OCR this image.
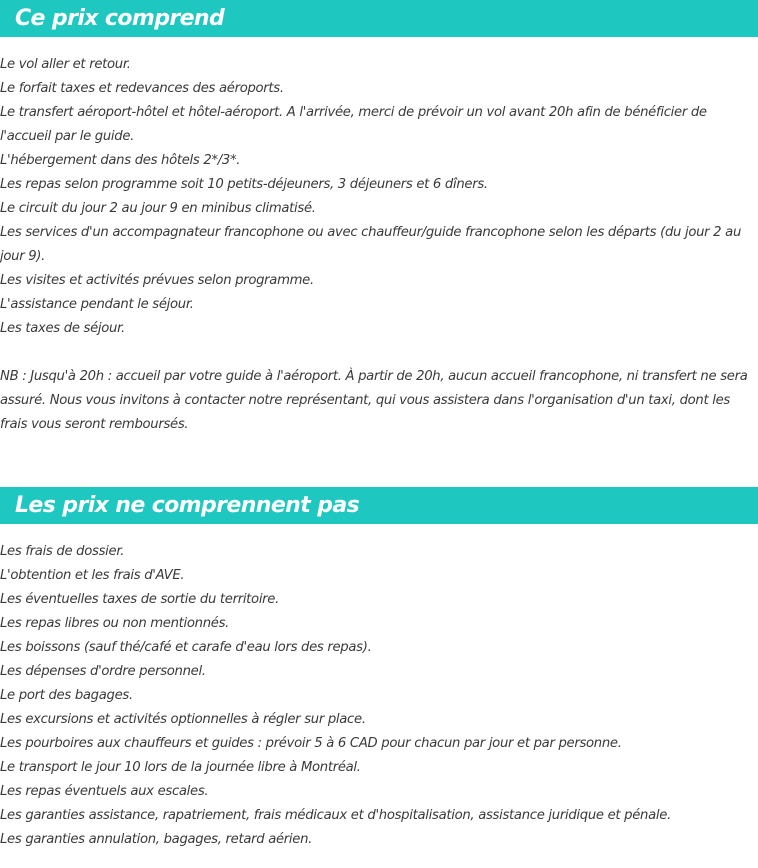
Ce prix comprend
Le vol aller et retour.
Le forfait taxes et redevances des aéroports.
Le transfert aéroport-hôtel et hôtel-aéroport. A l'arrivée, merci de prévoir un vol avant 20h afin de bénéficier de l'accueil par le guide.
L'hébergement dans des hôtels 2*/3*.
Les repas selon programme soit 10 petits-déjeuners, 3 déjeuners et 6 dîners.
Le circuit du jour 2 au jour 9 en minibus climatisé.
Les services d'un accompagnateur francophone ou avec chauffeur/guide francophone selon les départs (du jour 2 au jour 9).
Les visites et activités prévues selon programme.
L'assistance pendant le séjour.
Les taxes de séjour.

NB : Jusqu'à 20h : accueil par votre guide à l'aéroport. À partir de 20h, aucun accueil francophone, ni transfert ne sera assuré. Nous vous invitons à contacter notre représentant, qui vous assistera dans l'organisation d'un taxi, dont les frais vous seront remboursés.

Les prix ne comprennent pas
Les frais de dossier.
L'obtention et les frais d'AVE.
Les éventuelles taxes de sortie du territoire.
Les repas libres ou non mentionnés.
Les boissons (sauf thé/café et carafe d'eau lors des repas).
Les dépenses d'ordre personnel.
Le port des bagages.
Les excursions et activités optionnelles à régler sur place.
Les pourboires aux chauffeurs et guides : prévoir 5 à 6 CAD pour chacun par jour et par personne.
Le transport le jour 10 lors de la journée libre à Montréal.
Les repas éventuels aux escales.
Les garanties assistance, rapatriement, frais médicaux et d'hospitalisation, assistance juridique et pénale.
Les garanties annulation, bagages, retard aérien.
